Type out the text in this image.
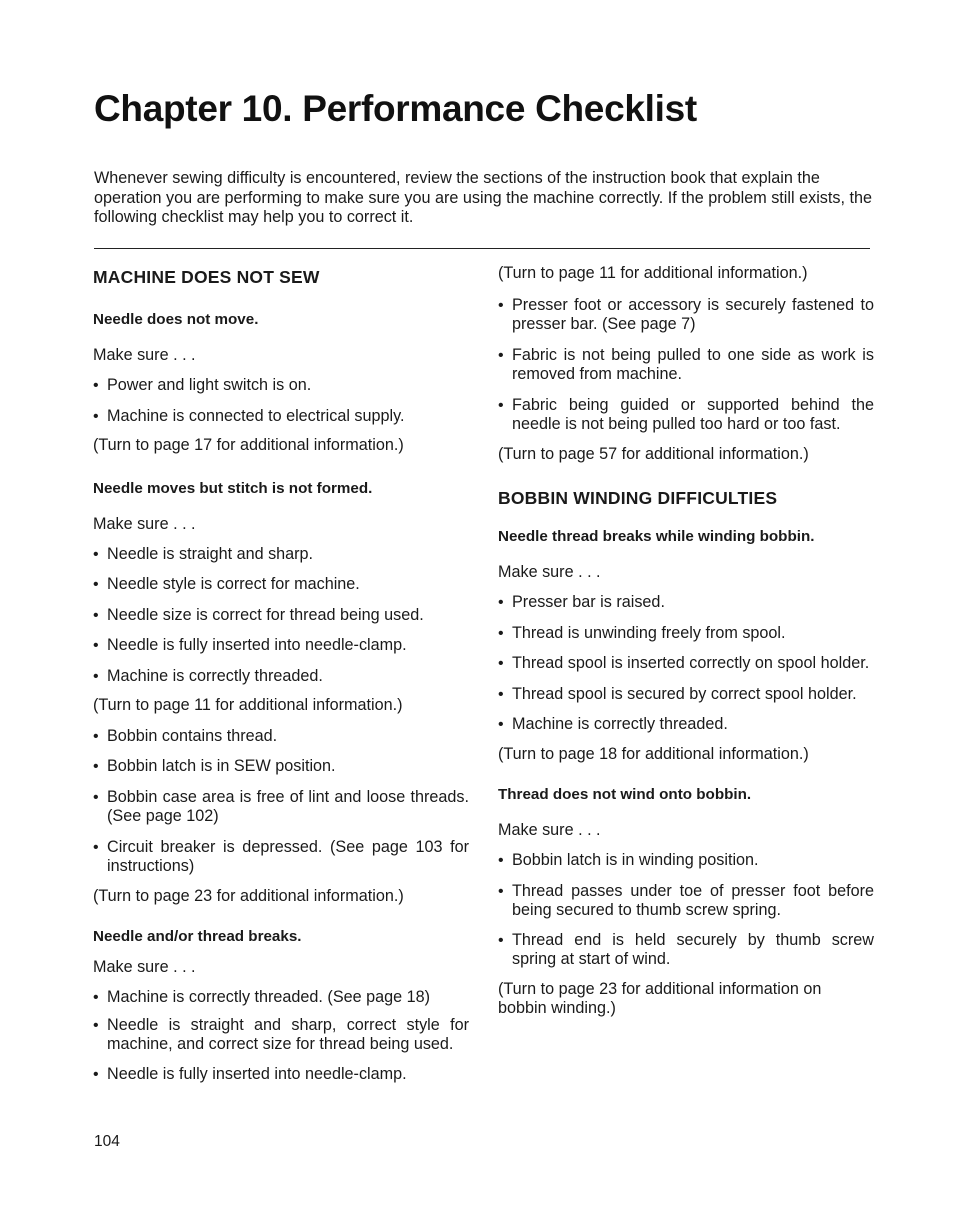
Chapter 10. Performance Checklist

Whenever sewing difficulty is encountered, review the sections of the instruction book that explain the operation you are performing to make sure you are using the machine correctly. If the problem still exists, the following checklist may help you to correct it.

MACHINE DOES NOT SEW
Needle does not move.

Make sure . . .

• Power and light switch is on.
• Machine is connected to electrical supply.

(Turn to page 17 for additional information.)

Needle moves but stitch is not formed.

Make sure . . .

• Needle is straight and sharp.
• Needle style is correct for machine.
• Needle size is correct for thread being used.
• Needle is fully inserted into needle-clamp.
• Machine is correctly threaded.

(Turn to page 11 for additional information.)

• Bobbin contains thread.
• Bobbin latch is in SEW position.
• Bobbin case area is free of lint and loose threads. (See page 102)
• Circuit breaker is depressed. (See page 103 for instructions)

(Turn to page 23 for additional information.)

Needle and/or thread breaks.

Make sure . . .

• Machine is correctly threaded. (See page 18)
• Needle is straight and sharp, correct style for machine, and correct size for thread being used.
• Needle is fully inserted into needle-clamp.

(Turn to page 11 for additional information.)

• Presser foot or accessory is securely fastened to presser bar. (See page 7)
• Fabric is not being pulled to one side as work is removed from machine.
• Fabric being guided or supported behind the needle is not being pulled too hard or too fast.

(Turn to page 57 for additional information.)

BOBBIN WINDING DIFFICULTIES
Needle thread breaks while winding bobbin.

Make sure . . .

• Presser bar is raised.
• Thread is unwinding freely from spool.
• Thread spool is inserted correctly on spool holder.
• Thread spool is secured by correct spool holder.
• Machine is correctly threaded.

(Turn to page 18 for additional information.)

Thread does not wind onto bobbin.

Make sure . . .

• Bobbin latch is in winding position.
• Thread passes under toe of presser foot before being secured to thumb screw spring.
• Thread end is held securely by thumb screw spring at start of wind.

(Turn to page 23 for additional information on bobbin winding.)

104
